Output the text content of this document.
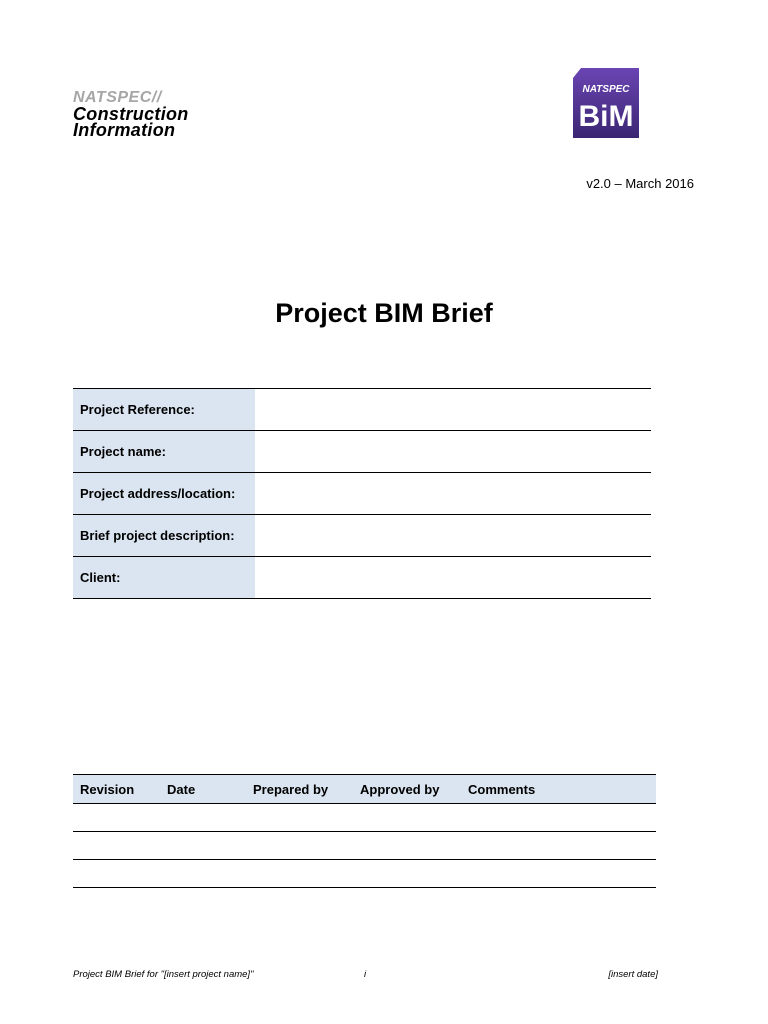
NATSPEC//
Construction
Information
NATSPEC
BiM
v2.0 – March 2016
Project BIM Brief
Project Reference:	
Project name:	
Project address/location:	
Brief project description:	
Client:	
Revision	Date	Prepared by	Approved by	Comments

Project BIM Brief for "[insert project name]"	i	[insert date]
